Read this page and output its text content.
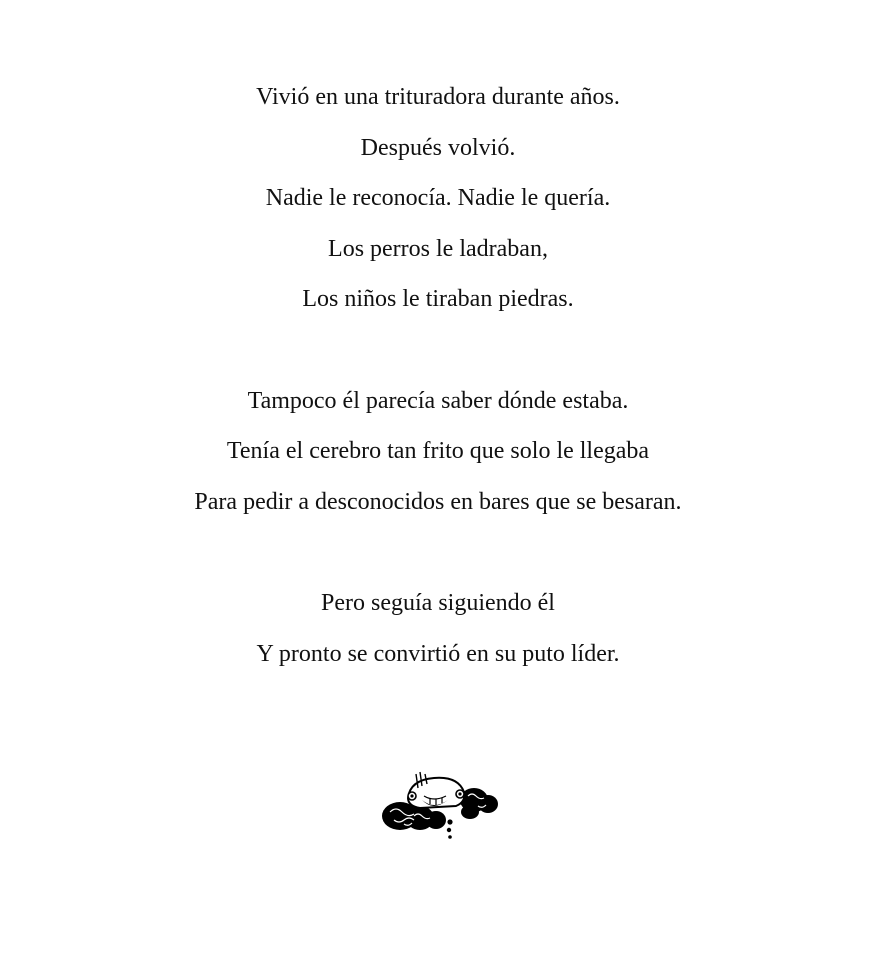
Vivió en una trituradora durante años.
Después volvió.
Nadie le reconocía. Nadie le quería.
Los perros le ladraban,
Los niños le tiraban piedras.
Tampoco él parecía saber dónde estaba.
Tenía el cerebro tan frito que solo le llegaba
Para pedir a desconocidos en bares que se besaran.
Pero seguía siguiendo él
Y pronto se convirtió en su puto líder.
